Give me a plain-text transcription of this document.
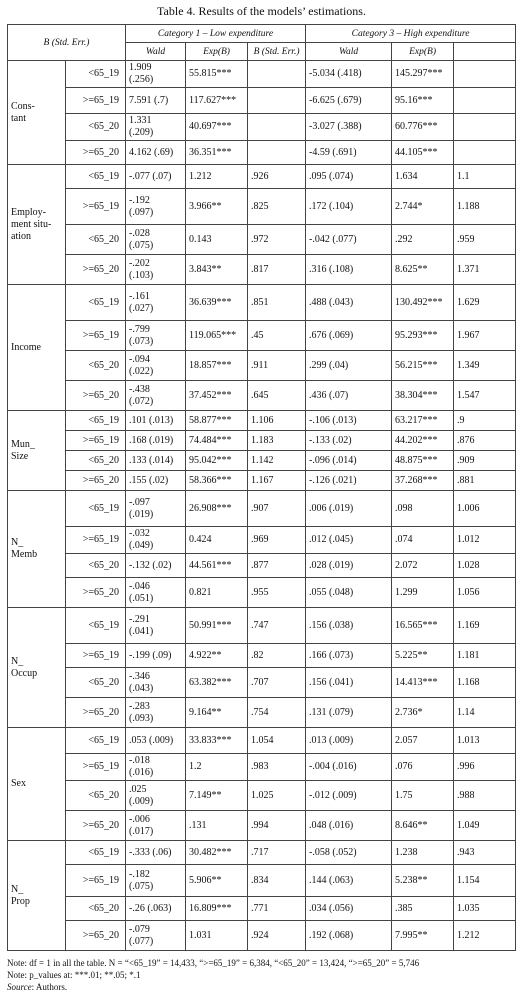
Table 4. Results of the models’ estimations.
B (Std. Err.)		Category 1 – Low expenditure			Category 3 – High expenditure		
		Wald	Exp(B)	B (Std. Err.)	Wald	Exp(B)	
Cons-
tant	<65_19	1.909
(.256)	55.815***		-5.034 (.418)	145.297***	
	>=65_19	7.591 (.7)	117.627***		-6.625 (.679)	95.16***	
	<65_20	1.331
(.209)	40.697***		-3.027 (.388)	60.776***	
	>=65_20	4.162 (.69)	36.351***		-4.59 (.691)	44.105***	
Employ-
ment situ-
ation	<65_19	-.077 (.07)	1.212	.926	.095 (.074)	1.634	1.1
	>=65_19	-.192
(.097)	3.966**	.825	.172 (.104)	2.744*	1.188
	<65_20	-.028
(.075)	0.143	.972	-.042 (.077)	.292	.959
	>=65_20	-.202
(.103)	3.843**	.817	.316 (.108)	8.625**	1.371
Income	<65_19	-.161
(.027)	36.639***	.851	.488 (.043)	130.492***	1.629
	>=65_19	-.799
(.073)	119.065***	.45	.676 (.069)	95.293***	1.967
	<65_20	-.094
(.022)	18.857***	.911	.299 (.04)	56.215***	1.349
	>=65_20	-.438
(.072)	37.452***	.645	.436 (.07)	38.304***	1.547
Mun_
Size	<65_19	.101 (.013)	58.877***	1.106	-.106 (.013)	63.217***	.9
	>=65_19	.168 (.019)	74.484***	1.183	-.133 (.02)	44.202***	.876
	<65_20	.133 (.014)	95.042***	1.142	-.096 (.014)	48.875***	.909
	>=65_20	.155 (.02)	58.366***	1.167	-.126 (.021)	37.268***	.881
N_
Memb	<65_19	-.097
(.019)	26.908***	.907	.006 (.019)	.098	1.006
	>=65_19	-.032
(.049)	0.424	.969	.012 (.045)	.074	1.012
	<65_20	-.132 (.02)	44.561***	.877	.028 (.019)	2.072	1.028
	>=65_20	-.046
(.051)	0.821	.955	.055 (.048)	1.299	1.056
N_
Occup	<65_19	-.291
(.041)	50.991***	.747	.156 (.038)	16.565***	1.169
	>=65_19	-.199 (.09)	4.922**	.82	.166 (.073)	5.225**	1.181
	<65_20	-.346
(.043)	63.382***	.707	.156 (.041)	14.413***	1.168
	>=65_20	-.283
(.093)	9.164**	.754	.131 (.079)	2.736*	1.14
Sex	<65_19	.053 (.009)	33.833***	1.054	.013 (.009)	2.057	1.013
	>=65_19	-.018
(.016)	1.2	.983	-.004 (.016)	.076	.996
	<65_20	.025
(.009)	7.149**	1.025	-.012 (.009)	1.75	.988
	>=65_20	-.006
(.017)	.131	.994	.048 (.016)	8.646**	1.049
N_
Prop	<65_19	-.333 (.06)	30.482***	.717	-.058 (.052)	1.238	.943
	>=65_19	-.182
(.075)	5.906**	.834	.144 (.063)	5.238**	1.154
	<65_20	-.26 (.063)	16.809***	.771	.034 (.056)	.385	1.035
	>=65_20	-.079
(.077)	1.031	.924	.192 (.068)	7.995**	1.212
Note: df = 1 in all the table. N = “<65_19” = 14,433, “>=65_19” = 6,384, “<65_20” = 13,424, “>=65_20” = 5,746
Note: p_values at: ***.01; **.05; *.1
Source: Authors.
